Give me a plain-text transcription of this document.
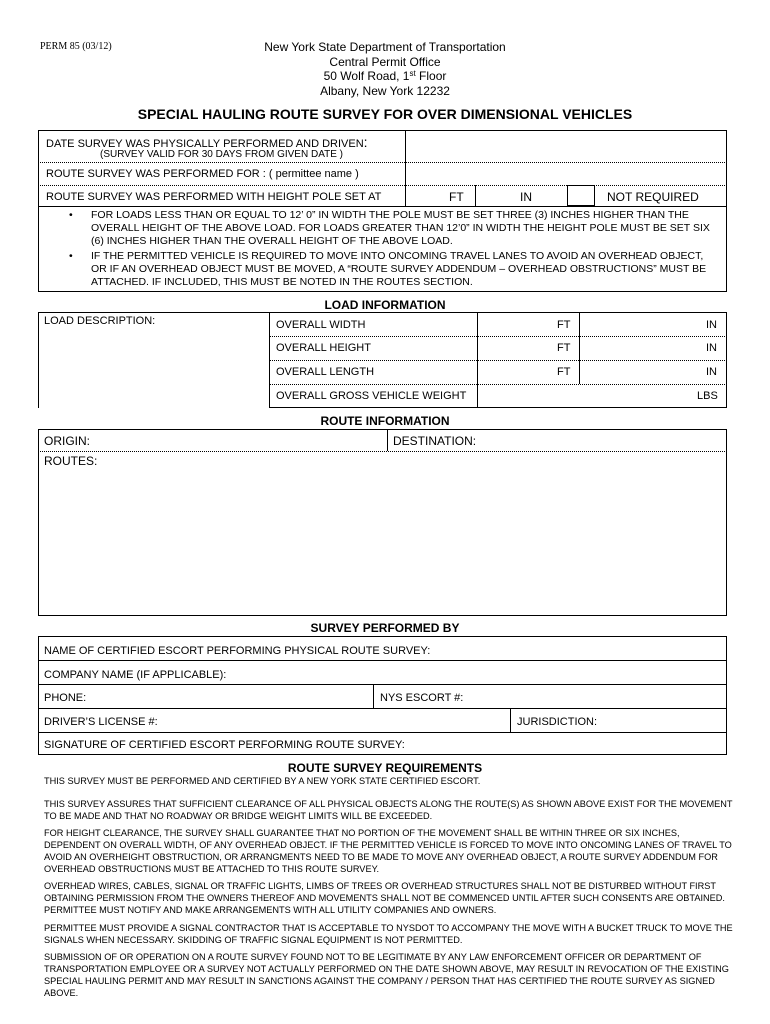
PERM 85 (03/12)	New York State Department of Transportation
Central Permit Office
50 Wolf Road, 1st Floor
Albany, New York 12232
SPECIAL HAULING ROUTE SURVEY FOR OVER DIMENSIONAL VEHICLES
DATE SURVEY WAS PHYSICALLY PERFORMED AND DRIVEN:
(SURVEY VALID FOR 30 DAYS FROM GIVEN DATE )
ROUTE SURVEY WAS PERFORMED FOR : ( permittee name )
ROUTE SURVEY WAS PERFORMED WITH HEIGHT POLE SET AT	FT	IN	NOT REQUIRED
• FOR LOADS LESS THAN OR EQUAL TO 12’ 0” IN WIDTH THE POLE MUST BE SET THREE (3) INCHES HIGHER THAN THE OVERALL HEIGHT OF THE ABOVE LOAD. FOR LOADS GREATER THAN 12’0” IN WIDTH THE HEIGHT POLE MUST BE SET SIX (6) INCHES HIGHER THAN THE OVERALL HEIGHT OF THE ABOVE LOAD.
• IF THE PERMITTED VEHICLE IS REQUIRED TO MOVE INTO ONCOMING TRAVEL LANES TO AVOID AN OVERHEAD OBJECT, OR IF AN OVERHEAD OBJECT MUST BE MOVED, A “ROUTE SURVEY ADDENDUM – OVERHEAD OBSTRUCTIONS” MUST BE ATTACHED. IF INCLUDED, THIS MUST BE NOTED IN THE ROUTES SECTION.
LOAD INFORMATION
LOAD DESCRIPTION:	OVERALL WIDTH	FT	IN
OVERALL HEIGHT	FT	IN
OVERALL LENGTH	FT	IN
OVERALL GROSS VEHICLE WEIGHT	LBS
ROUTE INFORMATION
ORIGIN:	DESTINATION:
ROUTES:
SURVEY PERFORMED BY
NAME OF CERTIFIED ESCORT PERFORMING PHYSICAL ROUTE SURVEY:
COMPANY NAME (IF APPLICABLE):
PHONE:	NYS ESCORT #:
DRIVER’S LICENSE #:	JURISDICTION:
SIGNATURE OF CERTIFIED ESCORT PERFORMING ROUTE SURVEY:
ROUTE SURVEY REQUIREMENTS
THIS SURVEY MUST BE PERFORMED AND CERTIFIED BY A NEW YORK STATE CERTIFIED ESCORT.
THIS SURVEY ASSURES THAT SUFFICIENT CLEARANCE OF ALL PHYSICAL OBJECTS ALONG THE ROUTE(S) AS SHOWN ABOVE EXIST FOR THE MOVEMENT TO BE MADE AND THAT NO ROADWAY OR BRIDGE WEIGHT LIMITS WILL BE EXCEEDED.
FOR HEIGHT CLEARANCE, THE SURVEY SHALL GUARANTEE THAT NO PORTION OF THE MOVEMENT SHALL BE WITHIN THREE OR SIX INCHES, DEPENDENT ON OVERALL WIDTH, OF ANY OVERHEAD OBJECT. IF THE PERMITTED VEHICLE IS FORCED TO MOVE INTO ONCOMING LANES OF TRAVEL TO AVOID AN OVERHEIGHT OBSTRUCTION, OR ARRANGMENTS NEED TO BE MADE TO MOVE ANY OVERHEAD OBJECT, A ROUTE SURVEY ADDENDUM FOR OVERHEAD OBSTRUCTIONS MUST BE ATTACHED TO THIS ROUTE SURVEY.
OVERHEAD WIRES, CABLES, SIGNAL OR TRAFFIC LIGHTS, LIMBS OF TREES OR OVERHEAD STRUCTURES SHALL NOT BE DISTURBED WITHOUT FIRST OBTAINING PERMISSION FROM THE OWNERS THEREOF AND MOVEMENTS SHALL NOT BE COMMENCED UNTIL AFTER SUCH CONSENTS ARE OBTAINED. PERMITTEE MUST NOTIFY AND MAKE ARRANGEMENTS WITH ALL UTILITY COMPANIES AND OWNERS.
PERMITTEE MUST PROVIDE A SIGNAL CONTRACTOR THAT IS ACCEPTABLE TO NYSDOT TO ACCOMPANY THE MOVE WITH A BUCKET TRUCK TO MOVE THE SIGNALS WHEN NECESSARY. SKIDDING OF TRAFFIC SIGNAL EQUIPMENT IS NOT PERMITTED.
SUBMISSION OF OR OPERATION ON A ROUTE SURVEY FOUND NOT TO BE LEGITIMATE BY ANY LAW ENFORCEMENT OFFICER OR DEPARTMENT OF TRANSPORTATION EMPLOYEE OR A SURVEY NOT ACTUALLY PERFORMED ON THE DATE SHOWN ABOVE, MAY RESULT IN REVOCATION OF THE EXISTING SPECIAL HAULING PERMIT AND MAY RESULT IN SANCTIONS AGAINST THE COMPANY / PERSON THAT HAS CERTIFIED THE ROUTE SURVEY AS SIGNED ABOVE.
